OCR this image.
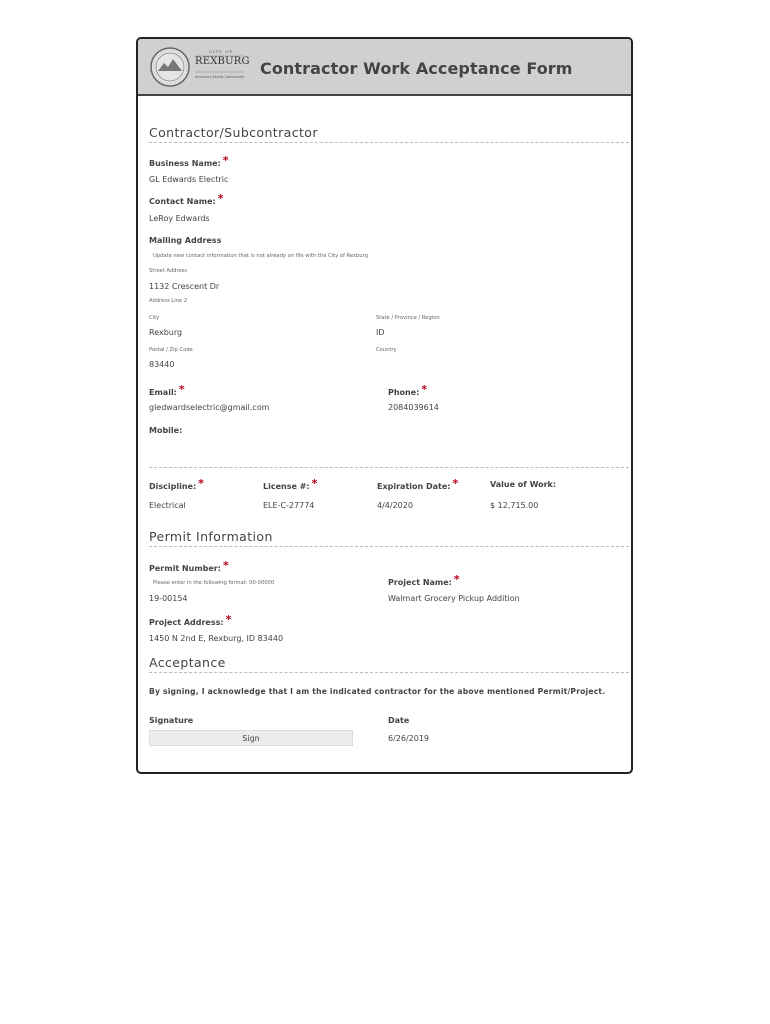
CITY OF
REXBURG
America's Family Community Contractor Work Acceptance Form
Contractor/Subcontractor
Business Name: *
GL Edwards Electric
Contact Name: *
LeRoy Edwards
Mailing Address
Update new contact information that is not already on file with the City of Rexburg
Street Address
1132 Crescent Dr
Address Line 2
City
Rexburg
State / Province / Region
ID
Postal / Zip Code
83440
Country
Email: *
gledwardselectric@gmail.com
Phone: *
2084039614
Mobile:
Discipline: *
Electrical
License #: *
ELE-C-27774
Expiration Date: *
4/4/2020
Value of Work:
$ 12,715.00
Permit Information
Permit Number: *
Please enter in the following format: 00-00000
19-00154
Project Name: *
Walmart Grocery Pickup Addition
Project Address: *
1450 N 2nd E, Rexburg, ID 83440
Acceptance
By signing, I acknowledge that I am the indicated contractor for the above mentioned Permit/Project.
Signature
Sign
Date
6/26/2019
